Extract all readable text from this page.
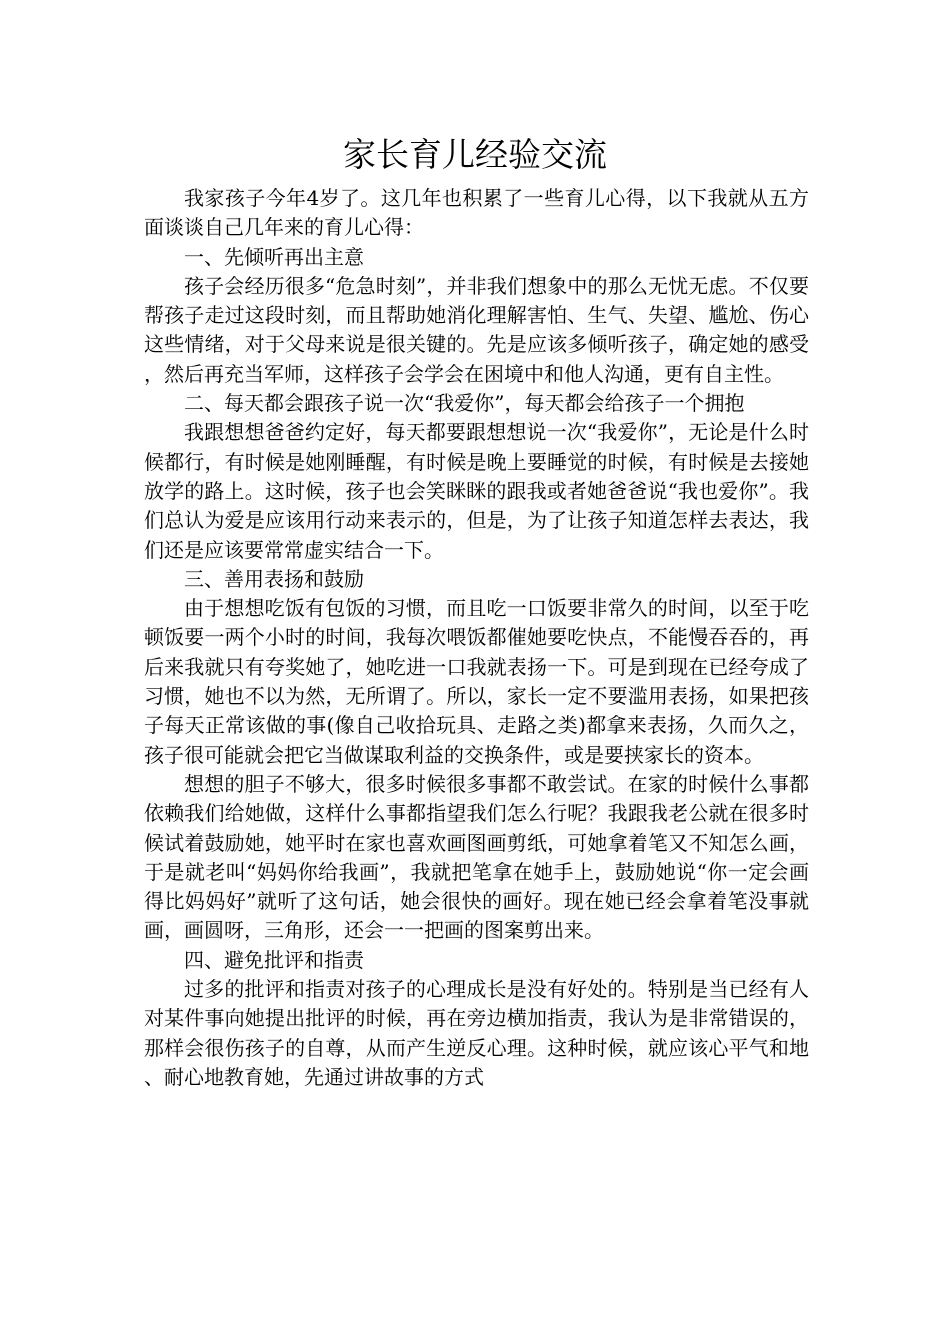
家长育儿经验交流

我家孩子今年4岁了。这几年也积累了一些育儿心得，以下我就从五方面谈谈自己几年来的育儿心得：

一、先倾听再出主意

孩子会经历很多“危急时刻”，并非我们想象中的那么无忧无虑。不仅要帮孩子走过这段时刻，而且帮助她消化理解害怕、生气、失望、尴尬、伤心这些情绪，对于父母来说是很关键的。先是应该多倾听孩子，确定她的感受，然后再充当军师，这样孩子会学会在困境中和他人沟通，更有自主性。

二、每天都会跟孩子说一次“我爱你”，每天都会给孩子一个拥抱

我跟想想爸爸约定好，每天都要跟想想说一次“我爱你”，无论是什么时候都行，有时候是她刚睡醒，有时候是晚上要睡觉的时候，有时候是去接她放学的路上。这时候，孩子也会笑眯眯的跟我或者她爸爸说“我也爱你”。我们总认为爱是应该用行动来表示的，但是，为了让孩子知道怎样去表达，我们还是应该要常常虚实结合一下。

三、善用表扬和鼓励

由于想想吃饭有包饭的习惯，而且吃一口饭要非常久的时间，以至于吃顿饭要一两个小时的时间，我每次喂饭都催她要吃快点，不能慢吞吞的，再后来我就只有夸奖她了，她吃进一口我就表扬一下。可是到现在已经夸成了习惯，她也不以为然，无所谓了。所以，家长一定不要滥用表扬，如果把孩子每天正常该做的事(像自己收拾玩具、走路之类)都拿来表扬，久而久之，孩子很可能就会把它当做谋取利益的交换条件，或是要挟家长的资本。

想想的胆子不够大，很多时候很多事都不敢尝试。在家的时候什么事都依赖我们给她做，这样什么事都指望我们怎么行呢？我跟我老公就在很多时候试着鼓励她，她平时在家也喜欢画图画剪纸，可她拿着笔又不知怎么画，于是就老叫“妈妈你给我画”，我就把笔拿在她手上，鼓励她说“你一定会画得比妈妈好”就听了这句话，她会很快的画好。现在她已经会拿着笔没事就画，画圆呀，三角形，还会一一把画的图案剪出来。

四、避免批评和指责

过多的批评和指责对孩子的心理成长是没有好处的。特别是当已经有人对某件事向她提出批评的时候，再在旁边横加指责，我认为是非常错误的，那样会很伤孩子的自尊，从而产生逆反心理。这种时候，就应该心平气和地、耐心地教育她，先通过讲故事的方式
